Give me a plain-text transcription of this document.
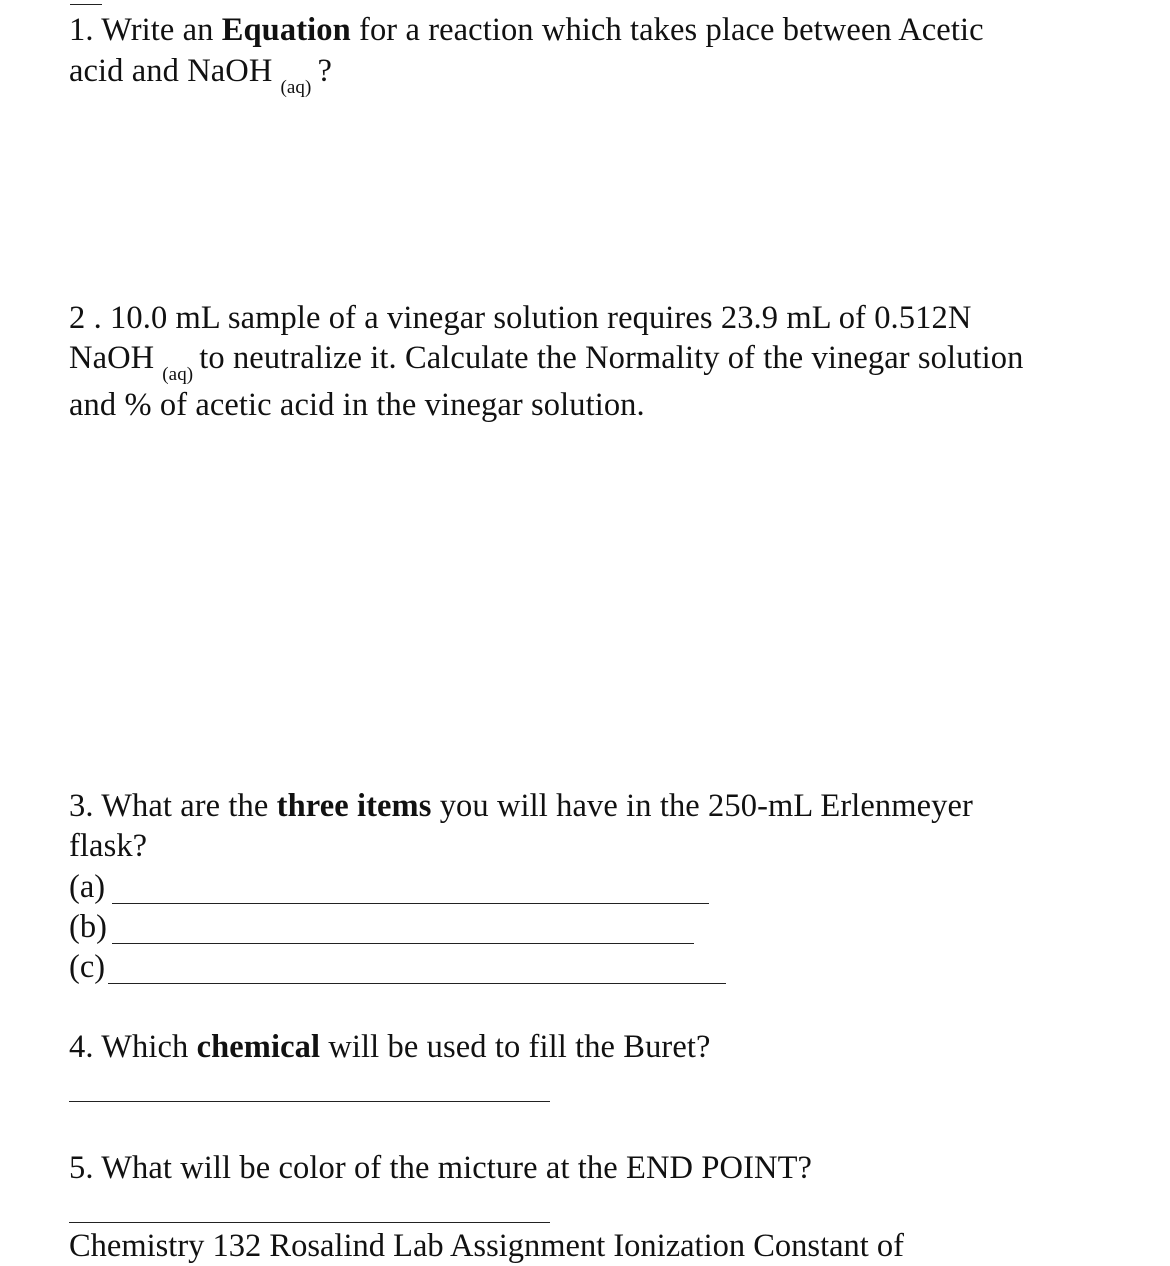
1. Write an Equation for a reaction which takes place between Acetic
acid and NaOH $_{(aq)}$ ?
2 . 10.0 mL sample of a vinegar solution requires 23.9 mL of 0.512N
NaOH $_{(aq)}$ to neutralize it. Calculate the Normality of the vinegar solution
and % of acetic acid in the vinegar solution.
3. What are the three items you will have in the 250-mL Erlenmeyer
flask?
(a)
(b)
(c)
4. Which chemical will be used to fill the Buret?
5. What will be color of the micture at the END POINT?
Chemistry 132 Rosalind Lab Assignment Ionization Constant of
